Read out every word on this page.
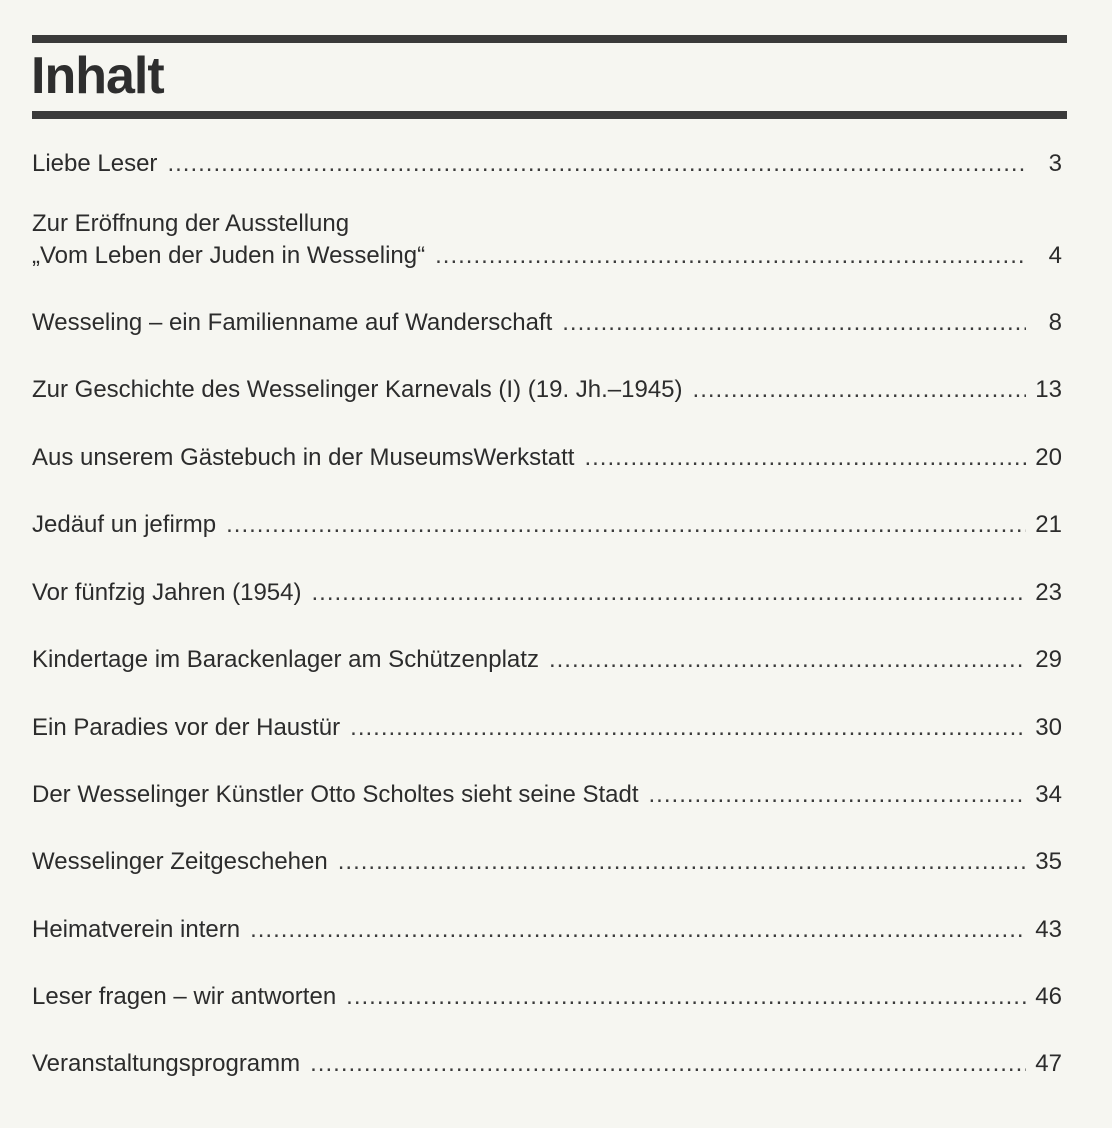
Inhalt
Liebe Leser .....	3
Zur Eröffnung der Ausstellung
„Vom Leben der Juden in Wesseling“ .....	4
Wesseling – ein Familienname auf Wanderschaft .....	8
Zur Geschichte des Wesselinger Karnevals (I) (19. Jh.–1945) .....	13
Aus unserem Gästebuch in der MuseumsWerkstatt .....	20
Jedäuf un jefirmp .....	21
Vor fünfzig Jahren (1954) .....	23
Kindertage im Barackenlager am Schützenplatz .....	29
Ein Paradies vor der Haustür .....	30
Der Wesselinger Künstler Otto Scholtes sieht seine Stadt .....	34
Wesselinger Zeitgeschehen .....	35
Heimatverein intern .....	43
Leser fragen – wir antworten .....	46
Veranstaltungsprogramm .....	47
